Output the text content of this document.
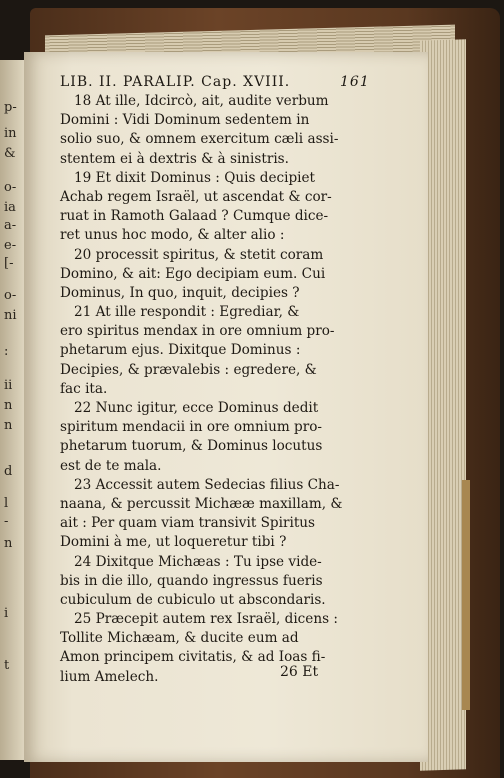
p-
in
&
o-
ia
a-
e-
[-
o-
ni
:
ii
n
n
d
l
-
n
i
t
LIB. II. PARALIP. Cap. XVIII.	161
18 At ille, Idcircò, ait, audite verbum
Domini : Vidi Dominum sedentem in
solio suo, & omnem exercitum cæli assi-
stentem ei à dextris & à sinistris.
19 Et dixit Dominus : Quis decipiet
Achab regem Israël, ut ascendat & cor-
ruat in Ramoth Galaad ? Cumque dice-
ret unus hoc modo, & alter alio :
20 processit spiritus, & stetit coram
Domino, & ait: Ego decipiam eum. Cui
Dominus, In quo, inquit, decipies ?
21 At ille respondit : Egrediar, &
ero spiritus mendax in ore omnium pro-
phetarum ejus. Dixitque Dominus :
Decipies, & prævalebis : egredere, &
fac ita.
22 Nunc igitur, ecce Dominus dedit
spiritum mendacii in ore omnium pro-
phetarum tuorum, & Dominus locutus
est de te mala.
23 Accessit autem Sedecias filius Cha-
naana, & percussit Michææ maxillam, &
ait : Per quam viam transivit Spiritus
Domini à me, ut loqueretur tibi ?
24 Dixitque Michæas : Tu ipse vide-
bis in die illo, quando ingressus fueris
cubiculum de cubiculo ut abscondaris.
25 Præcepit autem rex Israël, dicens :
Tollite Michæam, & ducite eum ad
Amon principem civitatis, & ad Ioas fi-
lium Amelech.	26 Et
